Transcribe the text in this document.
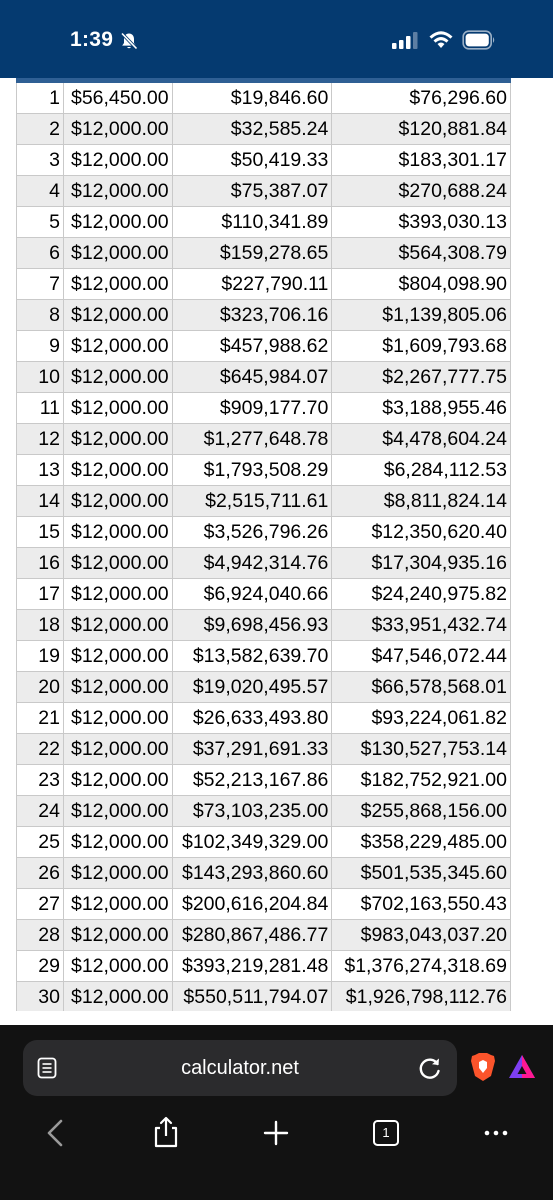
1:39

1	$56,450.00	$19,846.60	$76,296.60
2	$12,000.00	$32,585.24	$120,881.84
3	$12,000.00	$50,419.33	$183,301.17
4	$12,000.00	$75,387.07	$270,688.24
5	$12,000.00	$110,341.89	$393,030.13
6	$12,000.00	$159,278.65	$564,308.79
7	$12,000.00	$227,790.11	$804,098.90
8	$12,000.00	$323,706.16	$1,139,805.06
9	$12,000.00	$457,988.62	$1,609,793.68
10	$12,000.00	$645,984.07	$2,267,777.75
11	$12,000.00	$909,177.70	$3,188,955.46
12	$12,000.00	$1,277,648.78	$4,478,604.24
13	$12,000.00	$1,793,508.29	$6,284,112.53
14	$12,000.00	$2,515,711.61	$8,811,824.14
15	$12,000.00	$3,526,796.26	$12,350,620.40
16	$12,000.00	$4,942,314.76	$17,304,935.16
17	$12,000.00	$6,924,040.66	$24,240,975.82
18	$12,000.00	$9,698,456.93	$33,951,432.74
19	$12,000.00	$13,582,639.70	$47,546,072.44
20	$12,000.00	$19,020,495.57	$66,578,568.01
21	$12,000.00	$26,633,493.80	$93,224,061.82
22	$12,000.00	$37,291,691.33	$130,527,753.14
23	$12,000.00	$52,213,167.86	$182,752,921.00
24	$12,000.00	$73,103,235.00	$255,868,156.00
25	$12,000.00	$102,349,329.00	$358,229,485.00
26	$12,000.00	$143,293,860.60	$501,535,345.60
27	$12,000.00	$200,616,204.84	$702,163,550.43
28	$12,000.00	$280,867,486.77	$983,043,037.20
29	$12,000.00	$393,219,281.48	$1,376,274,318.69
30	$12,000.00	$550,511,794.07	$1,926,798,112.76
calculator.net
1
